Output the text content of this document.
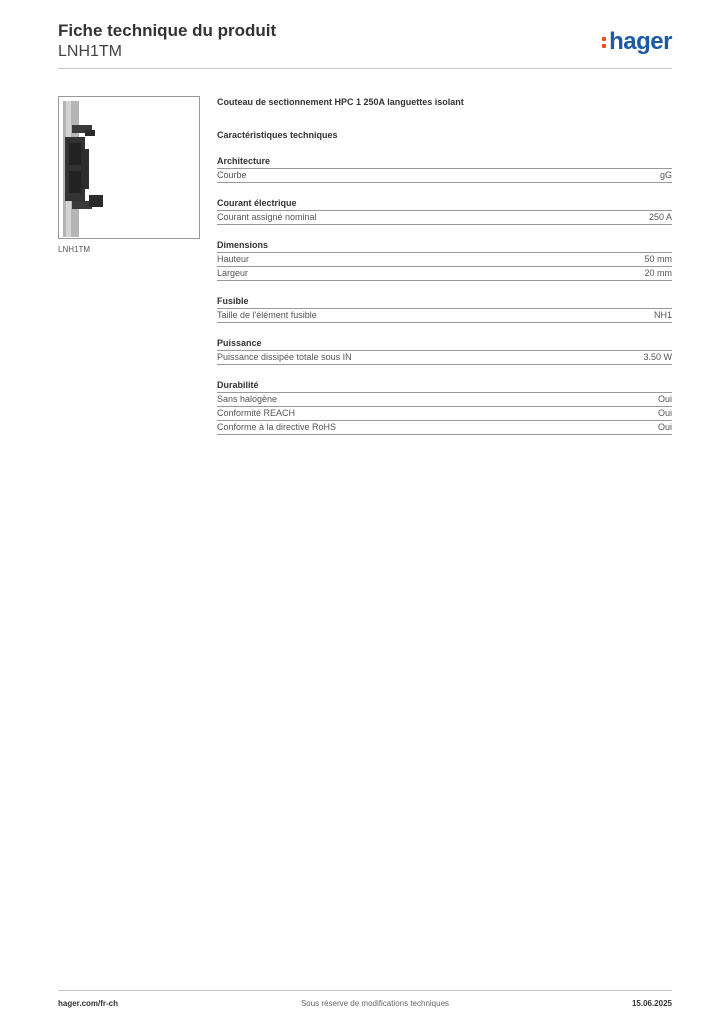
Fiche technique du produit
LNH1TM	hager
LNH1TM
Couteau de sectionnement HPC 1 250A languettes isolant
Caractéristiques techniques
Architecture
Courbe	gG
Courant électrique
Courant assigné nominal	250 A
Dimensions
Hauteur	50 mm
Largeur	20 mm
Fusible
Taille de l'élément fusible	NH1
Puissance
Puissance dissipée totale sous IN	3.50 W
Durabilité
Sans halogène	Oui
Conformité REACH	Oui
Conforme à la directive RoHS	Oui
hager.com/fr-ch	Sous réserve de modifications techniques	15.06.2025
